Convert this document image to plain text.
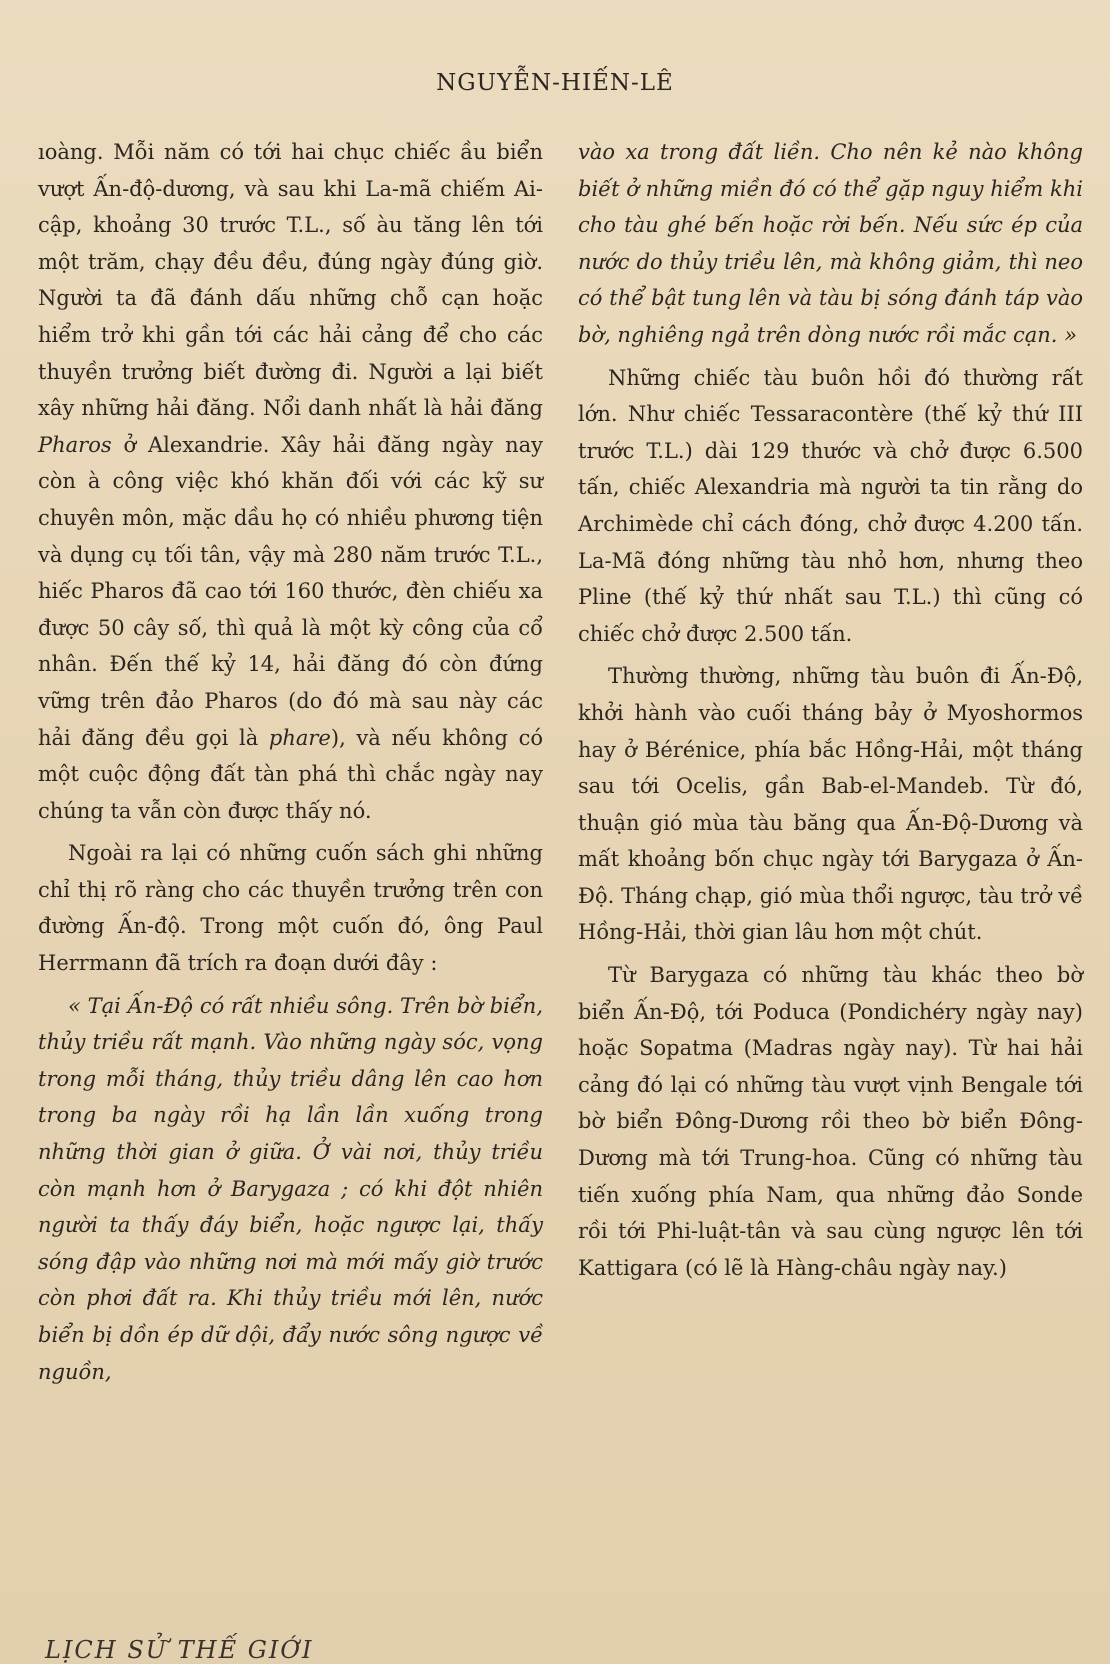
NGUYỄN-HIẾN-LÊ

ıoàng. Mỗi năm có tới hai chục chiếc ầu biển vượt Ấn-độ-dương, và sau khi La-mã chiếm Ai-cập, khoảng 30 trước T.L., số àu tăng lên tới một trăm, chạy đều đều, đúng ngày đúng giờ. Người ta đã đánh dấu những chỗ cạn hoặc hiểm trở khi gần tới các hải cảng để cho các thuyền trưởng biết đường đi. Người a lại biết xây những hải đăng. Nổi danh nhất là hải đăng Pharos ở Alexandrie. Xây hải đăng ngày nay còn à công việc khó khăn đối với các kỹ sư chuyên môn, mặc dầu họ có nhiều phương tiện và dụng cụ tối tân, vậy mà 280 năm trước T.L., hiếc Pharos đã cao tới 160 thước, đèn chiếu xa được 50 cây số, thì quả là một kỳ công của cổ nhân. Đến thế kỷ 14, hải đăng đó còn đứng vững trên đảo Pharos (do đó mà sau này các hải đăng đều gọi là phare), và nếu không có một cuộc động đất tàn phá thì chắc ngày nay chúng ta vẫn còn được thấy nó.

Ngoài ra lại có những cuốn sách ghi những chỉ thị rõ ràng cho các thuyền trưởng trên con đường Ấn-độ. Trong một cuốn đó, ông Paul Herrmann đã trích ra đoạn dưới đây :

« Tại Ấn-Độ có rất nhiều sông. Trên bờ biển, thủy triều rất mạnh. Vào những ngày sóc, vọng trong mỗi tháng, thủy triều dâng lên cao hơn trong ba ngày rồi hạ lần lần xuống trong những thời gian ở giữa. Ở vài nơi, thủy triều còn mạnh hơn ở Barygaza ; có khi đột nhiên người ta thấy đáy biển, hoặc ngược lại, thấy sóng đập vào những nơi mà mới mấy giờ trước còn phơi đất ra. Khi thủy triều mới lên, nước biển bị dồn ép dữ dội, đẩy nước sông ngược về nguồn,

vào xa trong đất liền. Cho nên kẻ nào không biết ở những miền đó có thể gặp nguy hiểm khi cho tàu ghé bến hoặc rời bến. Nếu sức ép của nước do thủy triều lên, mà không giảm, thì neo có thể bật tung lên và tàu bị sóng đánh táp vào bờ, nghiêng ngả trên dòng nước rồi mắc cạn. »

Những chiếc tàu buôn hồi đó thường rất lớn. Như chiếc Tessaracontère (thế kỷ thứ III trước T.L.) dài 129 thước và chở được 6.500 tấn, chiếc Alexandria mà người ta tin rằng do Archimède chỉ cách đóng, chở được 4.200 tấn. La-Mã đóng những tàu nhỏ hơn, nhưng theo Pline (thế kỷ thứ nhất sau T.L.) thì cũng có chiếc chở được 2.500 tấn.

Thường thường, những tàu buôn đi Ấn-Độ, khởi hành vào cuối tháng bảy ở Myoshormos hay ở Bérénice, phía bắc Hồng-Hải, một tháng sau tới Ocelis, gần Bab-el-Mandeb. Từ đó, thuận gió mùa tàu băng qua Ấn-Độ-Dương và mất khoảng bốn chục ngày tới Barygaza ở Ấn-Độ. Tháng chạp, gió mùa thổi ngược, tàu trở về Hồng-Hải, thời gian lâu hơn một chút.

Từ Barygaza có những tàu khác theo bờ biển Ấn-Độ, tới Poduca (Pondichéry ngày nay) hoặc Sopatma (Madras ngày nay). Từ hai hải cảng đó lại có những tàu vượt vịnh Bengale tới bờ biển Đông-Dương rồi theo bờ biển Đông-Dương mà tới Trung-hoa. Cũng có những tàu tiến xuống phía Nam, qua những đảo Sonde rồi tới Phi-luật-tân và sau cùng ngược lên tới Kattigara (có lẽ là Hàng-châu ngày nay.)

LỊCH SỬ THẾ GIỚI
